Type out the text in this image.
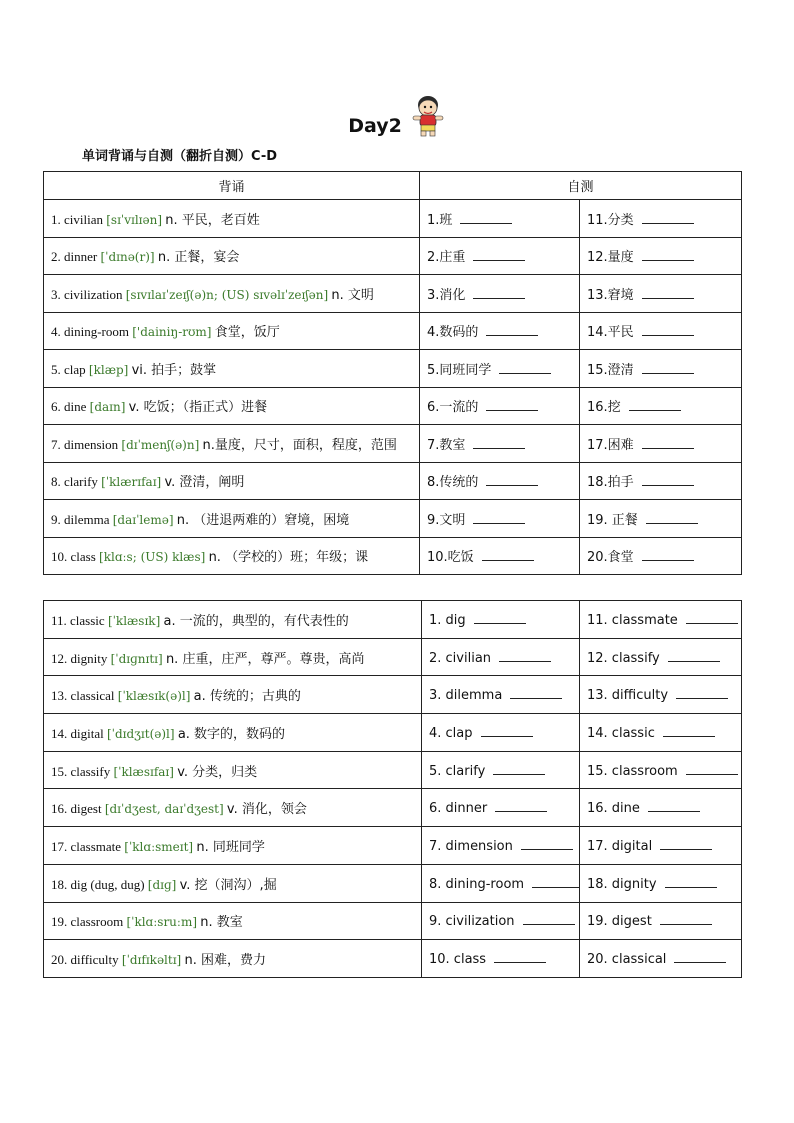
Day2
单词背诵与自测（翻折自测）C-D
背诵	自测	
1. civilian [sɪˈvɪlɪən] n. 平民，老百姓	1.班	11.分类
2. dinner [ˈdɪnə(r)] n. 正餐，宴会	2.庄重	12.量度
3. civilization [sɪvɪlaɪˈzeɪʃ(ə)n; (US) sɪvəlɪˈzeɪʃən] n. 文明	3.消化	13.窘境
4. dining-room ['dainiŋ-rʊm] 食堂，饭厅	4.数码的	14.平民
5. clap [klæp] vi. 拍手；鼓掌	5.同班同学	15.澄清
6. dine [daɪn] v. 吃饭；（指正式）进餐	6.一流的	16.挖
7. dimension [dɪˈmenʃ(ə)n] n.量度，尺寸，面积，程度，范围	7.教室	17.困难
8. clarify [ˈklærɪfaɪ] v. 澄清，阐明	8.传统的	18.拍手
9. dilemma [daɪˈlemə] n. （进退两难的）窘境，困境	9.文明	19. 正餐
10. class [klɑːs; (US) klæs] n. （学校的）班；年级；课	10.吃饭	20.食堂
11. classic [ˈklæsɪk] a. 一流的，典型的，有代表性的	1. dig	11. classmate
12. dignity [ˈdɪɡnɪtɪ] n. 庄重，庄严，尊严。尊贵，高尚	2. civilian	12. classify
13. classical [ˈklæsɪk(ə)l] a. 传统的；古典的	3. dilemma	13. difficulty
14. digital [ˈdɪdʒɪt(ə)l] a. 数字的，数码的	4. clap	14. classic
15. classify [ˈklæsɪfaɪ] v. 分类，归类	5. clarify	15. classroom
16. digest [dɪˈdʒest, daɪˈdʒest] v. 消化，领会	6. dinner	16. dine
17. classmate [ˈklɑːsmeɪt] n. 同班同学	7. dimension	17. digital
18. dig (dug, dug) [dɪɡ] v. 挖（洞沟）,掘	8. dining-room	18. dignity
19. classroom [ˈklɑːsruːm] n. 教室	9. civilization	19. digest
20. difficulty [ˈdɪfɪkəltɪ] n. 困难，费力	10. class	20. classical
